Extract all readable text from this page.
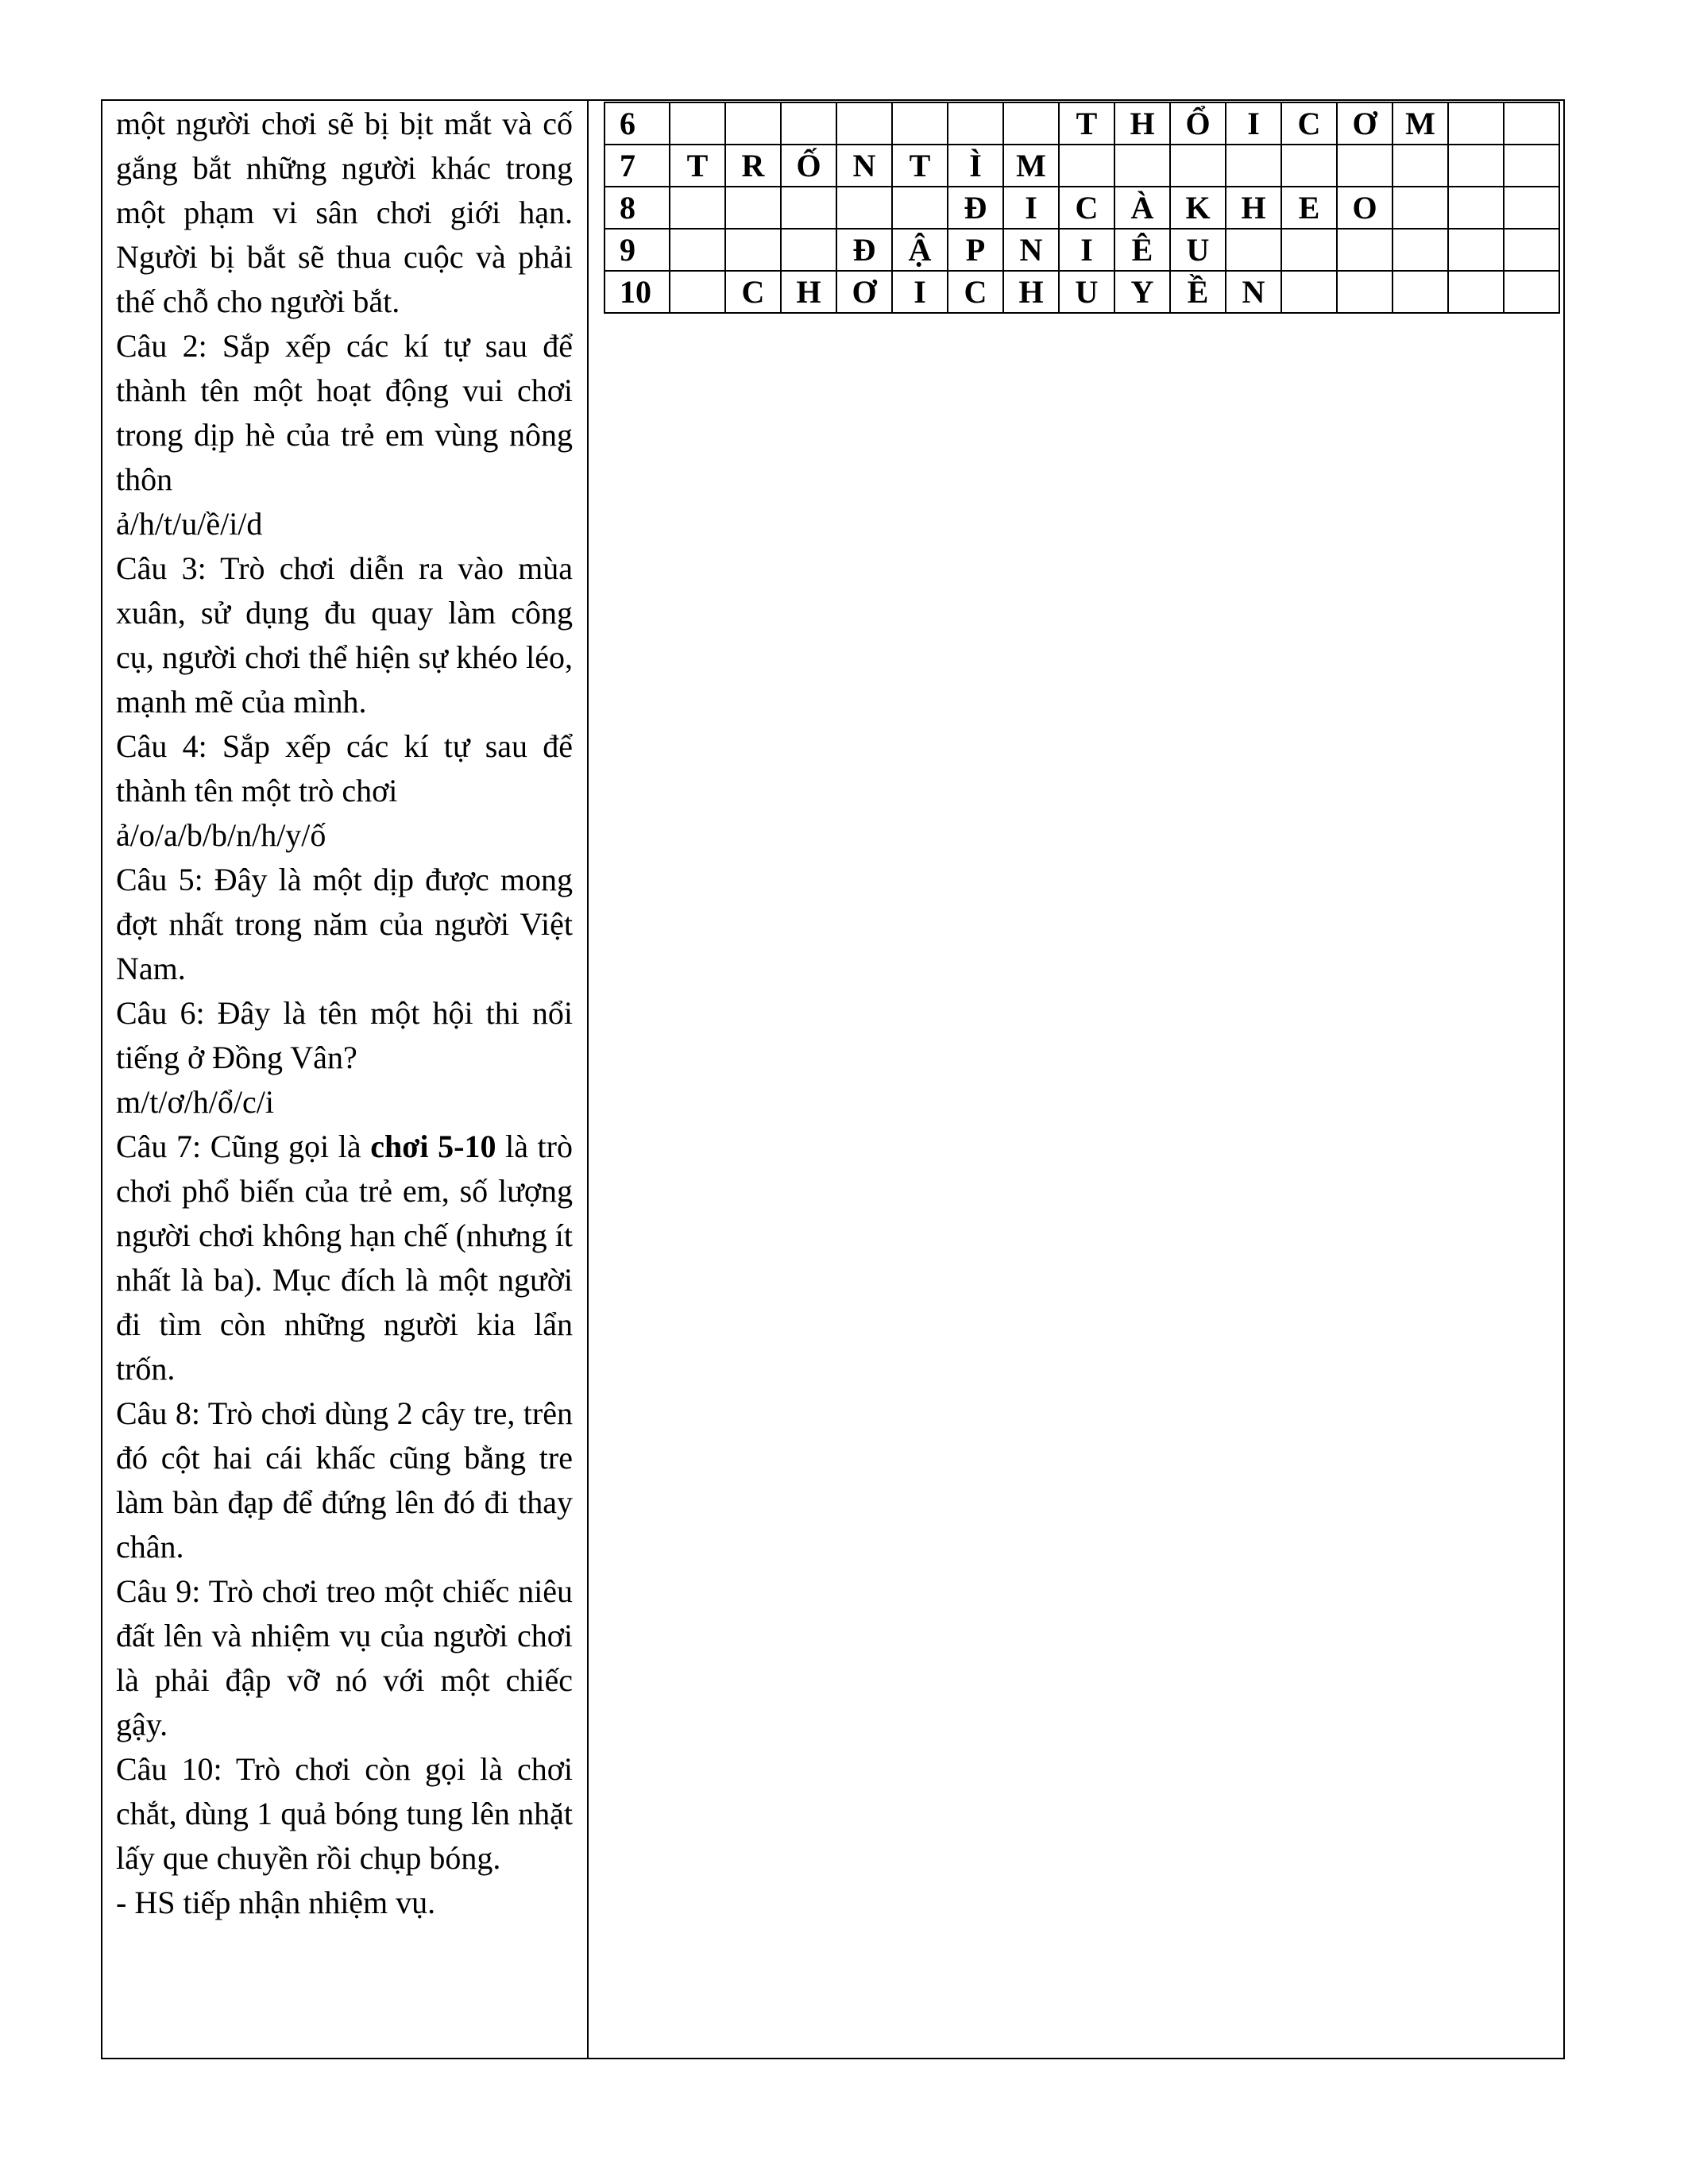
một người chơi sẽ bị bịt mắt và cố gắng bắt những người khác trong một phạm vi sân chơi giới hạn. Người bị bắt sẽ thua cuộc và phải thế chỗ cho người bắt.

Câu 2: Sắp xếp các kí tự sau để thành tên một hoạt động vui chơi trong dịp hè của trẻ em vùng nông thôn

ả/h/t/u/ề/i/d

Câu 3: Trò chơi diễn ra vào mùa xuân, sử dụng đu quay làm công cụ, người chơi thể hiện sự khéo léo, mạnh mẽ của mình.

Câu 4: Sắp xếp các kí tự sau để thành tên một trò chơi

ả/o/a/b/b/n/h/y/ố

Câu 5: Đây là một dịp được mong đợt nhất trong năm của người Việt Nam.

Câu 6: Đây là tên một hội thi nổi tiếng ở Đồng Vân?

m/t/ơ/h/ổ/c/i

Câu 7: Cũng gọi là chơi 5-10 là trò chơi phổ biến của trẻ em, số lượng người chơi không hạn chế (nhưng ít nhất là ba). Mục đích là một người đi tìm còn những người kia lẩn trốn.

Câu 8: Trò chơi dùng 2 cây tre, trên đó cột hai cái khấc cũng bằng tre làm bàn đạp để đứng lên đó đi thay chân.

Câu 9: Trò chơi treo một chiếc niêu đất lên và nhiệm vụ của người chơi là phải đập vỡ nó với một chiếc gậy.

Câu 10: Trò chơi còn gọi là chơi chắt, dùng 1 quả bóng tung lên nhặt lấy que chuyền rồi chụp bóng.

- HS tiếp nhận nhiệm vụ.

6								T	H	Ổ	I	C	Ơ	M		
7	T	R	Ố	N	T	Ì	M									
8						Đ	I	C	À	K	H	E	O			
9				Đ	Ậ	P	N	I	Ê	U						
10		C	H	Ơ	I	C	H	U	Y	Ề	N					
